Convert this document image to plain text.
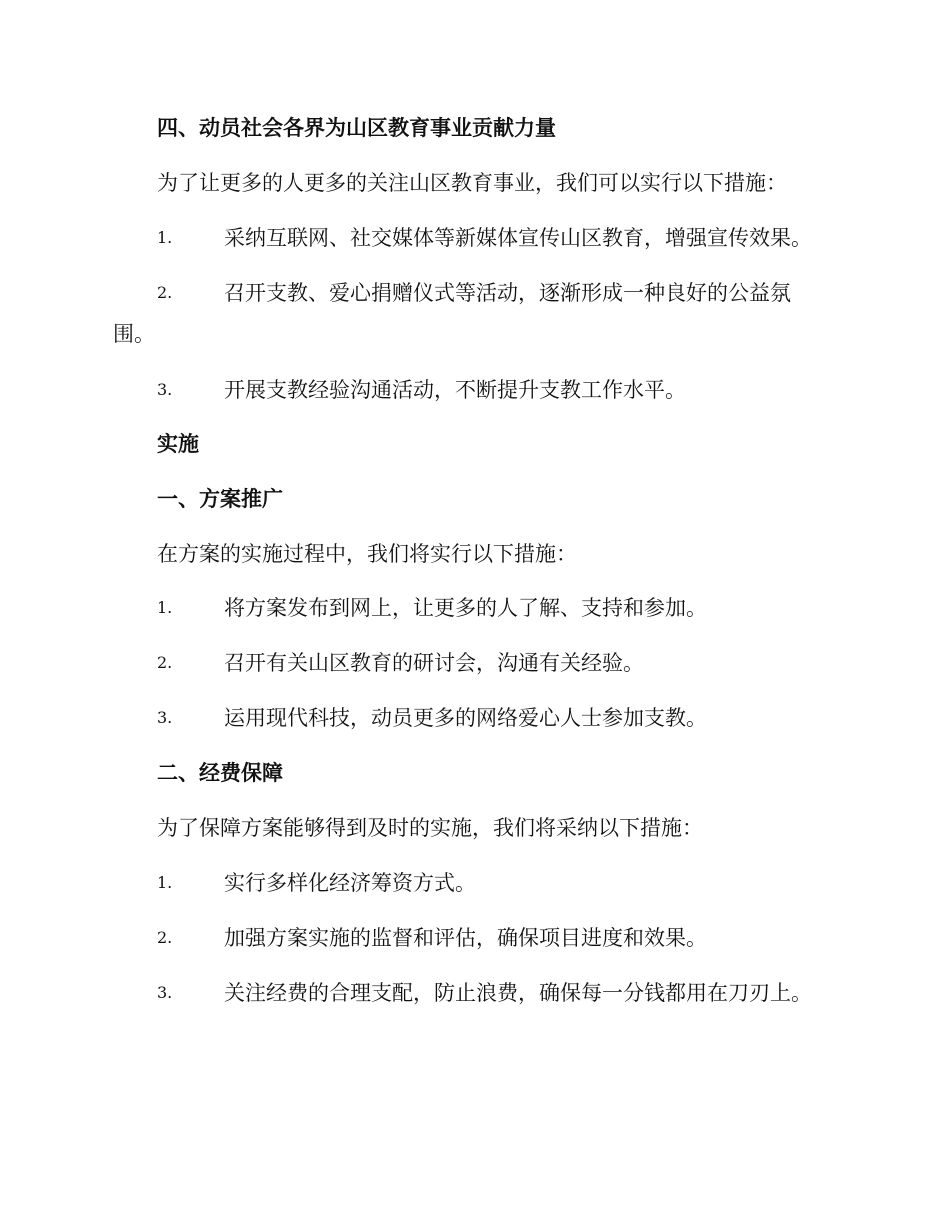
四、动员社会各界为山区教育事业贡献力量
为了让更多的人更多的关注山区教育事业，我们可以实行以下措施：
1. 采纳互联网、社交媒体等新媒体宣传山区教育，增强宣传效果。
2. 召开支教、爱心捐赠仪式等活动，逐渐形成一种良好的公益氛
围。
3. 开展支教经验沟通活动，不断提升支教工作水平。
实施
一、方案推广
在方案的实施过程中，我们将实行以下措施：
1. 将方案发布到网上，让更多的人了解、支持和参加。
2. 召开有关山区教育的研讨会，沟通有关经验。
3. 运用现代科技，动员更多的网络爱心人士参加支教。
二、经费保障
为了保障方案能够得到及时的实施，我们将采纳以下措施：
1. 实行多样化经济筹资方式。
2. 加强方案实施的监督和评估，确保项目进度和效果。
3. 关注经费的合理支配，防止浪费，确保每一分钱都用在刀刃上。
